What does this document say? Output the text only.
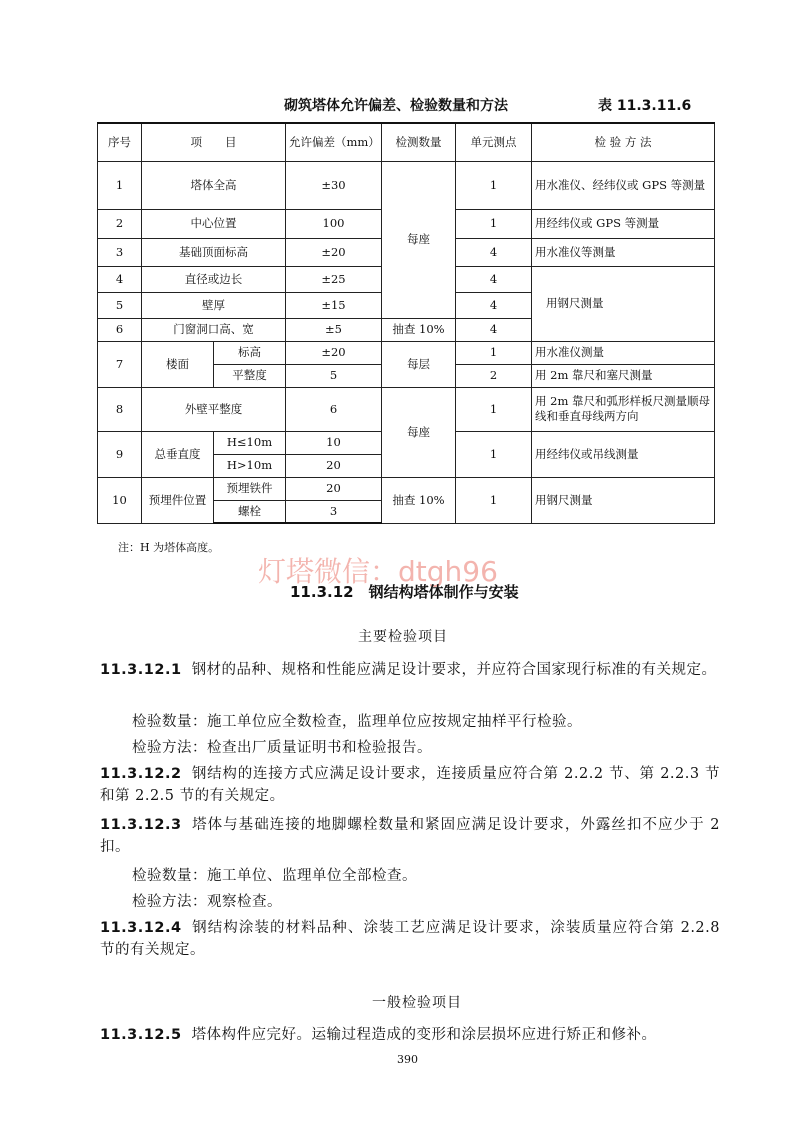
砌筑塔体允许偏差、检验数量和方法	表 11.3.11.6
序号	项　　目		允许偏差（mm）	检测数量	单元测点	检 验 方 法
1	塔体全高		±30	每座	1	用水准仪、经纬仪或 GPS 等测量
2	中心位置		100		1	用经纬仪或 GPS 等测量
3	基础顶面标高		±20		4	用水准仪等测量
4	直径或边长		±25		4	用钢尺测量
5	壁厚		±15		4	
6	门窗洞口高、宽		±5	抽查 10%	4	
7	楼面	标高	±20	每层	1	用水准仪测量
		平整度	5		2	用 2m 靠尺和塞尺测量
8	外壁平整度		6	每座	1	用 2m 靠尺和弧形样板尺测量顺母线和垂直母线两方向
9	总垂直度	H≤10m	10		1	用经纬仪或吊线测量
		H>10m	20			
10	预埋件位置	预埋铁件	20	抽查 10%	1	用钢尺测量
		螺栓	3			
注：H 为塔体高度。
灯塔微信：dtgh96
11.3.12　钢结构塔体制作与安装
主要检验项目
11.3.12.1 钢材的品种、规格和性能应满足设计要求，并应符合国家现行标准的有关规定。
检验数量：施工单位应全数检查，监理单位应按规定抽样平行检验。
检验方法：检查出厂质量证明书和检验报告。
11.3.12.2 钢结构的连接方式应满足设计要求，连接质量应符合第 2.2.2 节、第 2.2.3 节和第 2.2.5 节的有关规定。
11.3.12.3 塔体与基础连接的地脚螺栓数量和紧固应满足设计要求，外露丝扣不应少于 2 扣。
检验数量：施工单位、监理单位全部检查。
检验方法：观察检查。
11.3.12.4 钢结构涂装的材料品种、涂装工艺应满足设计要求，涂装质量应符合第 2.2.8 节的有关规定。
一般检验项目
11.3.12.5 塔体构件应完好。运输过程造成的变形和涂层损坏应进行矫正和修补。
390
